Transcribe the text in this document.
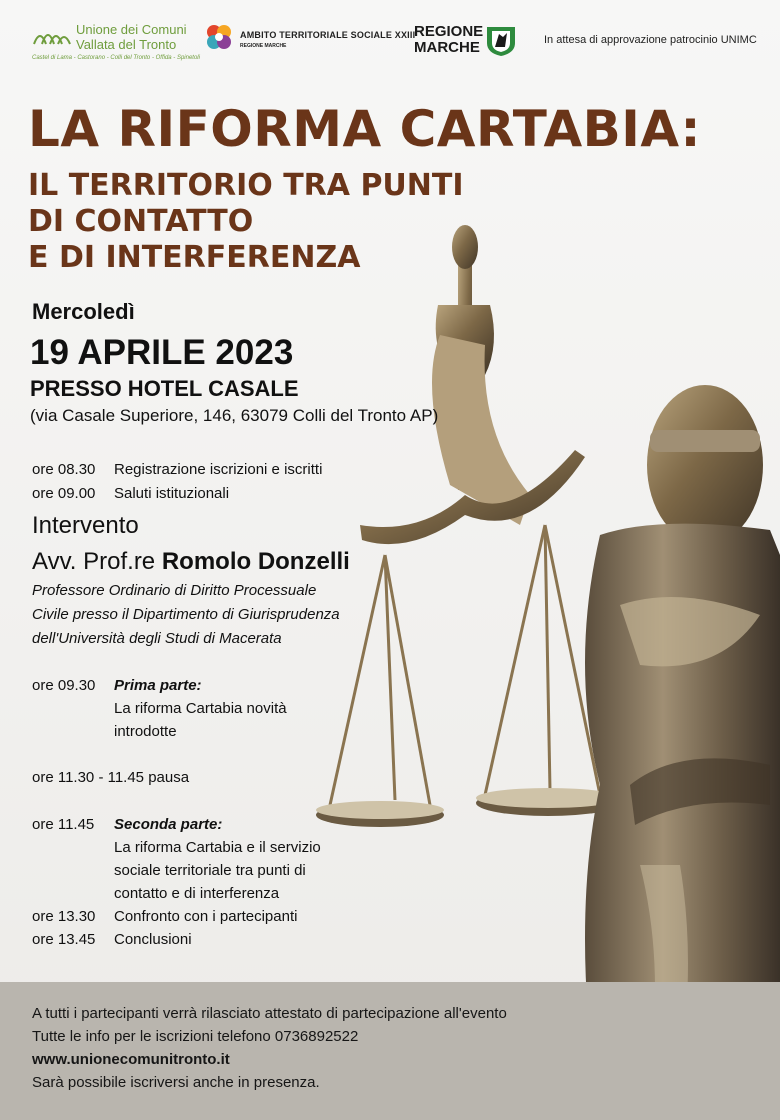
Unione dei Comuni
Vallata del Tronto
Castel di Lama - Castorano - Colli del Tronto - Offida - Spinetoli
AMBITO TERRITORIALE SOCIALE XXIII
REGIONE MARCHE
REGIONE
MARCHE	In attesa di approvazione patrocinio UNIMC
LA RIFORMA CARTABIA:
IL TERRITORIO TRA PUNTI
DI CONTATTO
E DI INTERFERENZA
Mercoledì
19 APRILE 2023
PRESSO HOTEL CASALE
(via Casale Superiore, 146, 63079 Colli del Tronto AP)
ore 08.30 Registrazione iscrizioni e iscritti
ore 09.00 Saluti istituzionali
Intervento
Avv. Prof.re Romolo Donzelli
Professore Ordinario di Diritto Processuale
Civile presso il Dipartimento di Giurisprudenza
dell'Università degli Studi di Macerata
ore 09.30 Prima parte:
La riforma Cartabia novità
introdotte
ore 11.30 - 11.45 pausa
ore 11.45 Seconda parte:
La riforma Cartabia e il servizio
sociale territoriale tra punti di
contatto e di interferenza
ore 13.30 Confronto con i partecipanti
ore 13.45 Conclusioni
A tutti i partecipanti verrà rilasciato attestato di partecipazione all'evento
Tutte le info per le iscrizioni telefono 0736892522
www.unionecomunitronto.it
Sarà possibile iscriversi anche in presenza.
